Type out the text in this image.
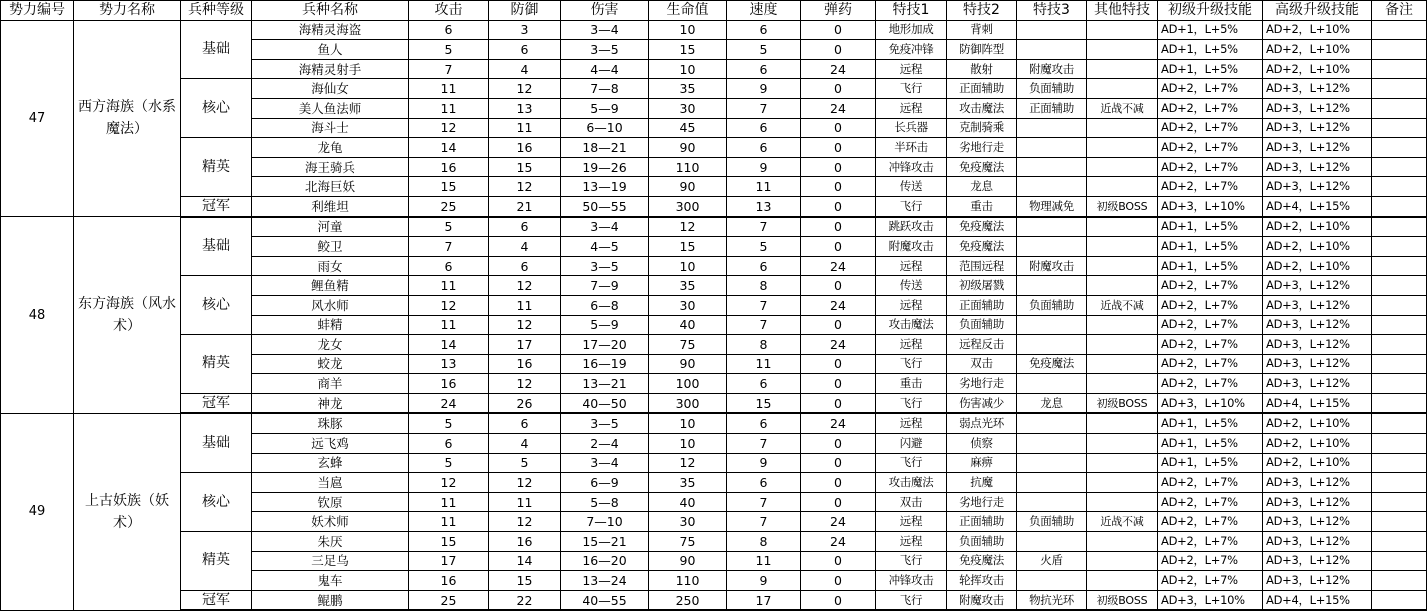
势力编号	势力名称	兵种等级	兵种名称	攻击	防御	伤害	生命值	速度	弹药	特技1	特技2	特技3	其他特技	初级升级技能	高级升级技能	备注
47	西方海族（水系魔法）	基础	海精灵海盗	6	3	3—4	10	6	0	地形加成	背刺			AD+1，L+5%	AD+2，L+10%	
			鱼人	5	6	3—5	15	5	0	免疫冲锋	防御阵型			AD+1，L+5%	AD+2，L+10%	
			海精灵射手	7	4	4—4	10	6	24	远程	散射	附魔攻击		AD+1，L+5%	AD+2，L+10%	
		核心	海仙女	11	12	7—8	35	9	0	飞行	正面辅助	负面辅助		AD+2，L+7%	AD+3，L+12%	
			美人鱼法师	11	13	5—9	30	7	24	远程	攻击魔法	正面辅助	近战不减	AD+2，L+7%	AD+3，L+12%	
			海斗士	12	11	6—10	45	6	0	长兵器	克制骑乘			AD+2，L+7%	AD+3，L+12%	
		精英	龙龟	14	16	18—21	90	6	0	半环击	劣地行走			AD+2，L+7%	AD+3，L+12%	
			海王骑兵	16	15	19—26	110	9	0	冲锋攻击	免疫魔法			AD+2，L+7%	AD+3，L+12%	
			北海巨妖	15	12	13—19	90	11	0	传送	龙息			AD+2，L+7%	AD+3，L+12%	
		冠军	利维坦	25	21	50—55	300	13	0	飞行	重击	物理减免	初级BOSS	AD+3，L+10%	AD+4，L+15%	
48	东方海族（风水术）	基础	河童	5	6	3—4	12	7	0	跳跃攻击	免疫魔法			AD+1，L+5%	AD+2，L+10%	
			鲛卫	7	4	4—5	15	5	0	附魔攻击	免疫魔法			AD+1，L+5%	AD+2，L+10%	
			雨女	6	6	3—5	10	6	24	远程	范围远程	附魔攻击		AD+1，L+5%	AD+2，L+10%	
		核心	鲤鱼精	11	12	7—9	35	8	0	传送	初级屠戮			AD+2，L+7%	AD+3，L+12%	
			风水师	12	11	6—8	30	7	24	远程	正面辅助	负面辅助	近战不减	AD+2，L+7%	AD+3，L+12%	
			蚌精	11	12	5—9	40	7	0	攻击魔法	负面辅助			AD+2，L+7%	AD+3，L+12%	
		精英	龙女	14	17	17—20	75	8	24	远程	远程反击			AD+2，L+7%	AD+3，L+12%	
			蛟龙	13	16	16—19	90	11	0	飞行	双击	免疫魔法		AD+2，L+7%	AD+3，L+12%	
			商羊	16	12	13—21	100	6	0	重击	劣地行走			AD+2，L+7%	AD+3，L+12%	
		冠军	神龙	24	26	40—50	300	15	0	飞行	伤害减少	龙息	初级BOSS	AD+3，L+10%	AD+4，L+15%	
49	上古妖族（妖术）	基础	珠豚	5	6	3—5	10	6	24	远程	弱点光环			AD+1，L+5%	AD+2，L+10%	
			远飞鸡	6	4	2—4	10	7	0	闪避	侦察			AD+1，L+5%	AD+2，L+10%	
			玄蜂	5	5	3—4	12	9	0	飞行	麻痹			AD+1，L+5%	AD+2，L+10%	
		核心	当扈	12	12	6—9	35	6	0	攻击魔法	抗魔			AD+2，L+7%	AD+3，L+12%	
			钦原	11	11	5—8	40	7	0	双击	劣地行走			AD+2，L+7%	AD+3，L+12%	
			妖术师	11	12	7—10	30	7	24	远程	正面辅助	负面辅助	近战不减	AD+2，L+7%	AD+3，L+12%	
		精英	朱厌	15	16	15—21	75	8	24	远程	负面辅助			AD+2，L+7%	AD+3，L+12%	
			三足乌	17	14	16—20	90	11	0	飞行	免疫魔法	火盾		AD+2，L+7%	AD+3，L+12%	
			鬼车	16	15	13—24	110	9	0	冲锋攻击	轮挥攻击			AD+2，L+7%	AD+3，L+12%	
		冠军	鲲鹏	25	22	40—55	250	17	0	飞行	附魔攻击	物抗光环	初级BOSS	AD+3，L+10%	AD+4，L+15%	
